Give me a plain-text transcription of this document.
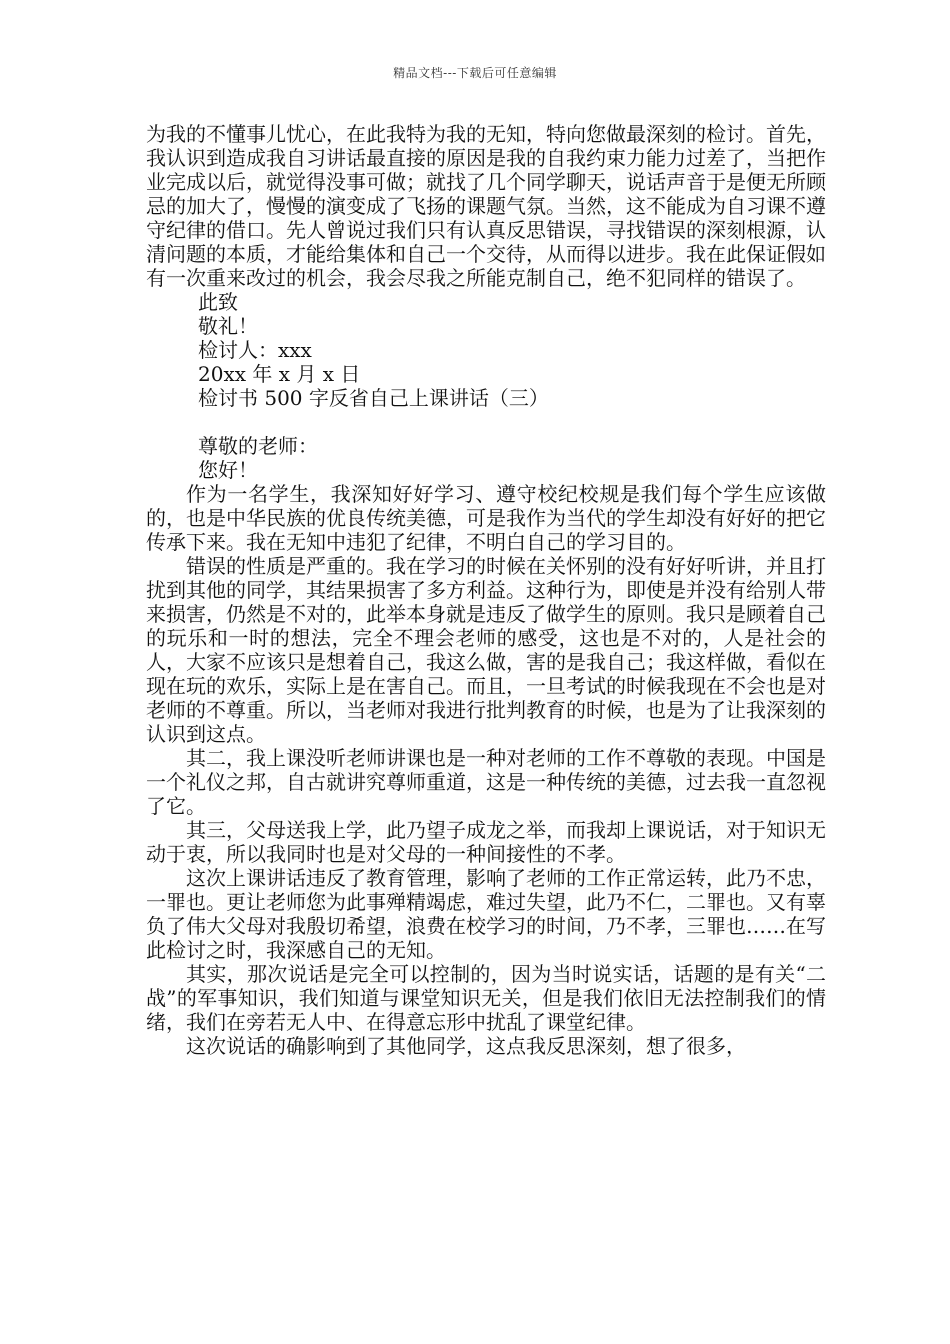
精品文档---下载后可任意编辑

为我的不懂事儿忧心，在此我特为我的无知，特向您做最深刻的检讨。首先，我认识到造成我自习讲话最直接的原因是我的自我约束力能力过差了，当把作业完成以后，就觉得没事可做；就找了几个同学聊天，说话声音于是便无所顾忌的加大了，慢慢的演变成了飞扬的课题气氛。当然，这不能成为自习课不遵守纪律的借口。先人曾说过我们只有认真反思错误，寻找错误的深刻根源，认清问题的本质，才能给集体和自己一个交待，从而得以进步。我在此保证假如有一次重来改过的机会，我会尽我之所能克制自己，绝不犯同样的错误了。

此致

敬礼！

检讨人：xxx

20xx 年 x 月 x 日

检讨书 500 字反省自己上课讲话（三）

尊敬的老师：

您好！

作为一名学生，我深知好好学习、遵守校纪校规是我们每个学生应该做的，也是中华民族的优良传统美德，可是我作为当代的学生却没有好好的把它传承下来。我在无知中违犯了纪律，不明白自己的学习目的。

错误的性质是严重的。我在学习的时候在关怀别的没有好好听讲，并且打扰到其他的同学，其结果损害了多方利益。这种行为，即使是并没有给别人带来损害，仍然是不对的，此举本身就是违反了做学生的原则。我只是顾着自己的玩乐和一时的想法，完全不理会老师的感受，这也是不对的，人是社会的人，大家不应该只是想着自己，我这么做，害的是我自己；我这样做，看似在现在玩的欢乐，实际上是在害自己。而且，一旦考试的时候我现在不会也是对老师的不尊重。所以，当老师对我进行批判教育的时候，也是为了让我深刻的认识到这点。

其二，我上课没听老师讲课也是一种对老师的工作不尊敬的表现。中国是一个礼仪之邦，自古就讲究尊师重道，这是一种传统的美德，过去我一直忽视了它。

其三，父母送我上学，此乃望子成龙之举，而我却上课说话，对于知识无动于衷，所以我同时也是对父母的一种间接性的不孝。

这次上课讲话违反了教育管理，影响了老师的工作正常运转，此乃不忠，一罪也。更让老师您为此事殚精竭虑，难过失望，此乃不仁，二罪也。又有辜负了伟大父母对我殷切希望，浪费在校学习的时间，乃不孝，三罪也……在写此检讨之时，我深感自己的无知。

其实，那次说话是完全可以控制的，因为当时说实话，话题的是有关“二战”的军事知识，我们知道与课堂知识无关，但是我们依旧无法控制我们的情绪，我们在旁若无人中、在得意忘形中扰乱了课堂纪律。

这次说话的确影响到了其他同学，这点我反思深刻，想了很多，
